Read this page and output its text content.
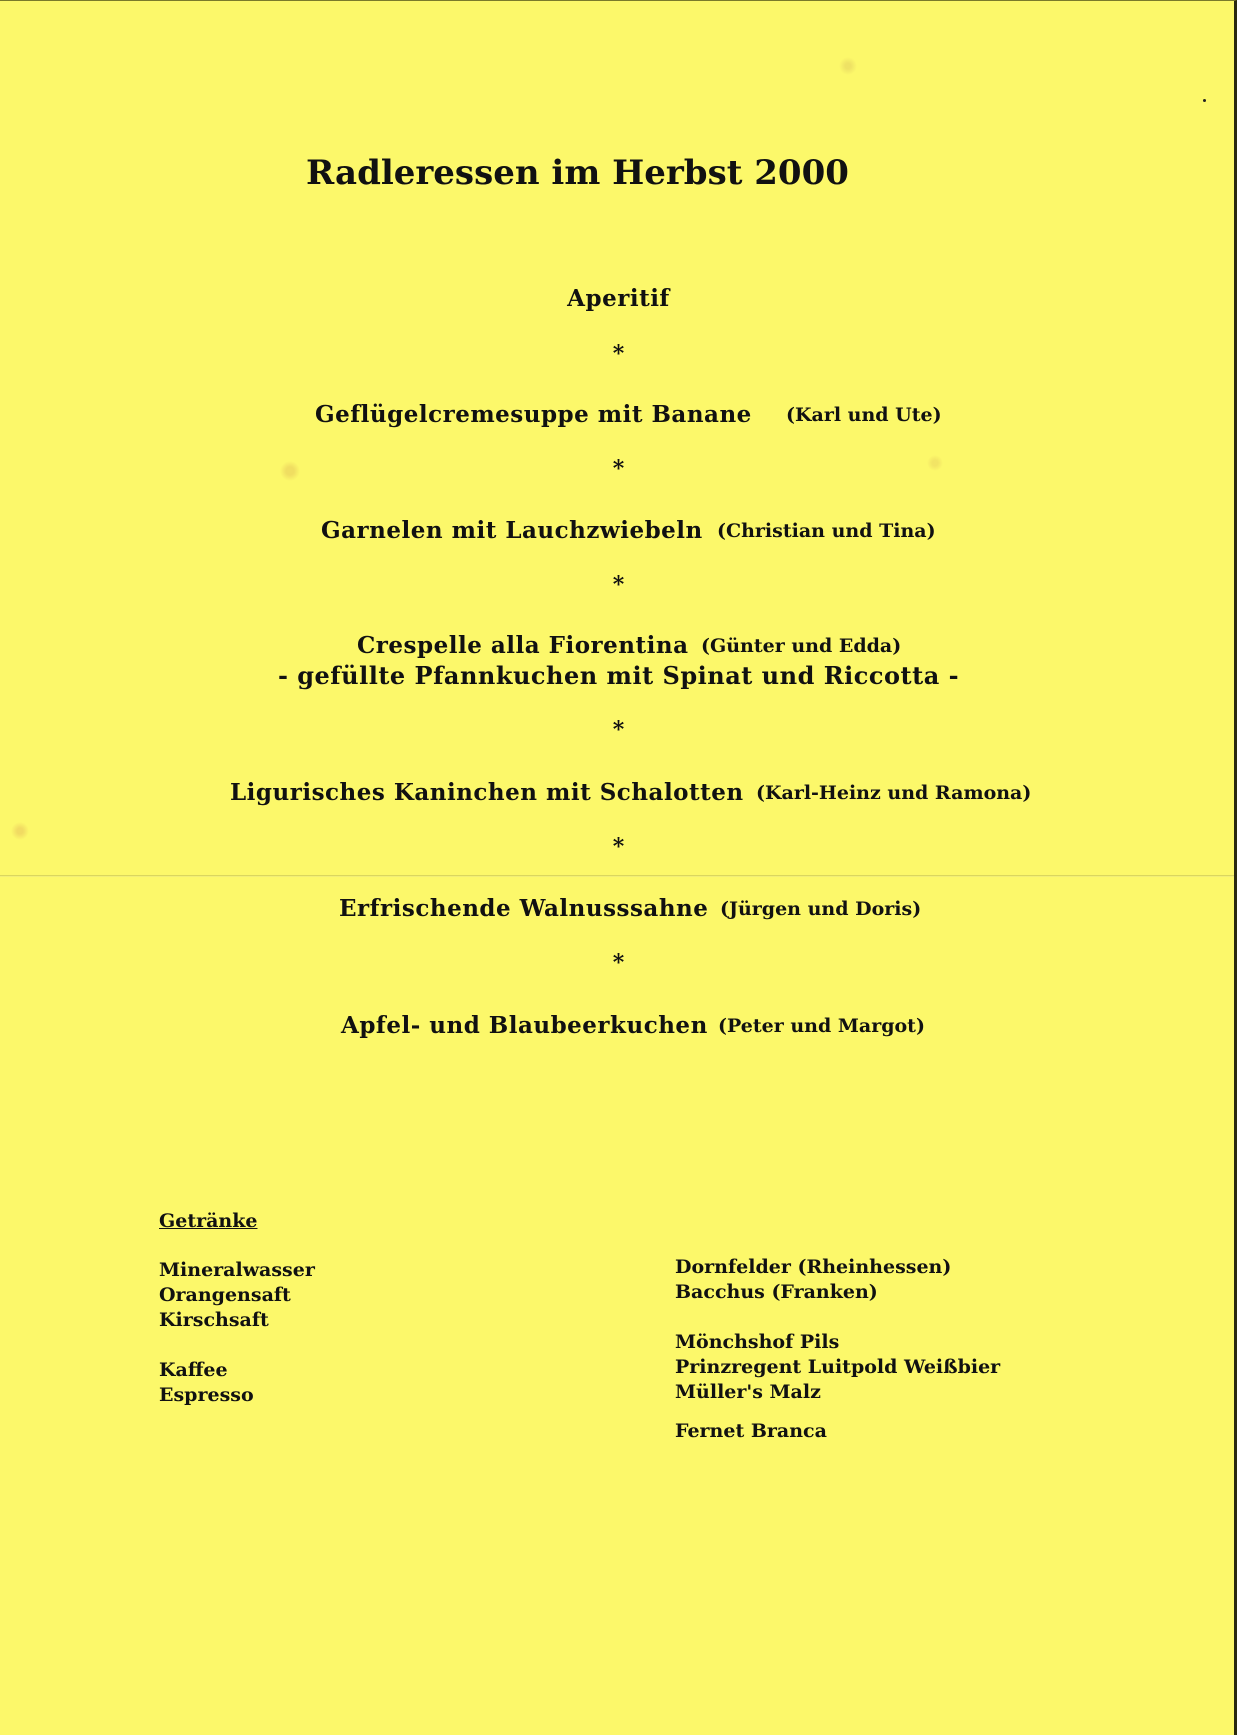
Radleressen im Herbst 2000
Aperitif
*
Geflügelcremesuppe mit Banane (Karl und Ute)
*
Garnelen mit Lauchzwiebeln (Christian und Tina)
*
Crespelle alla Fiorentina (Günter und Edda)
- gefüllte Pfannkuchen mit Spinat und Riccotta -
*
Ligurisches Kaninchen mit Schalotten (Karl-Heinz und Ramona)
*
Erfrischende Walnusssahne (Jürgen und Doris)
*
Apfel- und Blaubeerkuchen (Peter und Margot)
Getränke
Mineralwasser
Orangensaft
Kirschsaft
Kaffee
Espresso
Dornfelder (Rheinhessen)
Bacchus (Franken)
Mönchshof Pils
Prinzregent Luitpold Weißbier
Müller's Malz
Fernet Branca
